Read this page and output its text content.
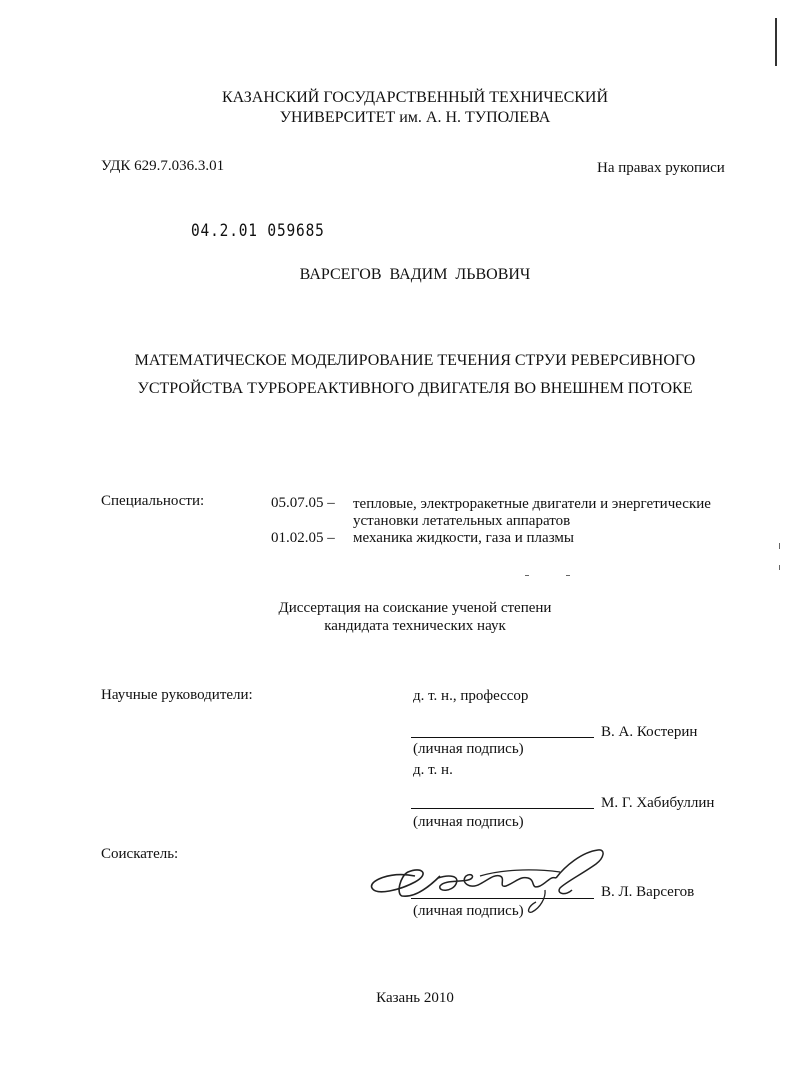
КАЗАНСКИЙ ГОСУДАРСТВЕННЫЙ ТЕХНИЧЕСКИЙ
УНИВЕРСИТЕТ им. А. Н. ТУПОЛЕВА
УДК 629.7.036.3.01	На правах рукописи
04.2.01 059685
ВАРСЕГОВ ВАДИМ ЛЬВОВИЧ
МАТЕМАТИЧЕСКОЕ МОДЕЛИРОВАНИЕ ТЕЧЕНИЯ СТРУИ РЕВЕРСИВНОГО
УСТРОЙСТВА ТУРБОРЕАКТИВНОГО ДВИГАТЕЛЯ ВО ВНЕШНЕМ ПОТОКЕ
Специальности:	05.07.05 – тепловые, электроракетные двигатели и энергетические
установки летательных аппаратов
01.02.05 – механика жидкости, газа и плазмы
Диссертация на соискание ученой степени
кандидата технических наук
Научные руководители:	д. т. н., профессор
В. А. Костерин
(личная подпись)
д. т. н.
М. Г. Хабибуллин
(личная подпись)
Соискатель:
В. Л. Варсегов
(личная подпись)
Казань 2010
